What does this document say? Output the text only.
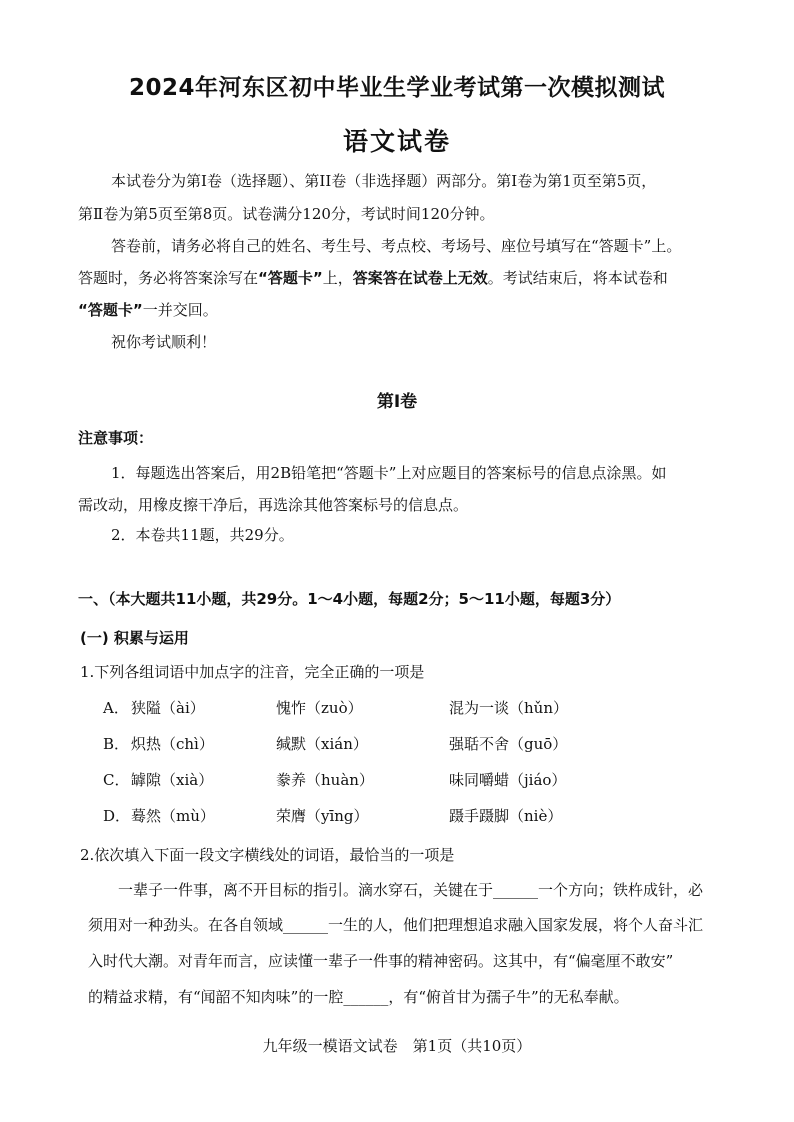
2024年河东区初中毕业生学业考试第一次模拟测试
语文试卷
本试卷分为第Ⅰ卷（选择题）、第II卷（非选择题）两部分。第Ⅰ卷为第1页至第5页，
第Ⅱ卷为第5页至第8页。试卷满分120分，考试时间120分钟。
答卷前，请务必将自己的姓名、考生号、考点校、考场号、座位号填写在“答题卡”上。
答题时，务必将答案涂写在“答题卡”上，答案答在试卷上无效。考试结束后，将本试卷和
“答题卡”一并交回。
祝你考试顺利！
第Ⅰ卷
注意事项：
1．每题选出答案后，用2B铅笔把“答题卡”上对应题目的答案标号的信息点涂黑。如
需改动，用橡皮擦干净后，再选涂其他答案标号的信息点。
2．本卷共11题，共29分。
一、（本大题共11小题，共29分。1～4小题，每题2分；5～11小题，每题3分）
(一) 积累与运用
1.下列各组词语中加点字的注音，完全正确的一项是
A． 狭隘（ài）	愧怍（zuò）	混为一谈（hǔn）
B． 炽热（chì）	缄默（xián）	强聒不舍（guō）
C． 罅隙（xià）	豢养（huàn）	味同嚼蜡（jiáo）
D． 蓦然（mù）	荣膺（yīng）	蹑手蹑脚（niè）
2.依次填入下面一段文字横线处的词语，最恰当的一项是
一辈子一件事，离不开目标的指引。滴水穿石，关键在于______一个方向；铁杵成针，必
须用对一种劲头。在各自领域______一生的人，他们把理想追求融入国家发展，将个人奋斗汇
入时代大潮。对青年而言，应读懂一辈子一件事的精神密码。这其中，有“偏毫厘不敢安”
的精益求精，有“闻韶不知肉味”的一腔______，有“俯首甘为孺子牛”的无私奉献。
九年级一模语文试卷　第1页（共10页）
